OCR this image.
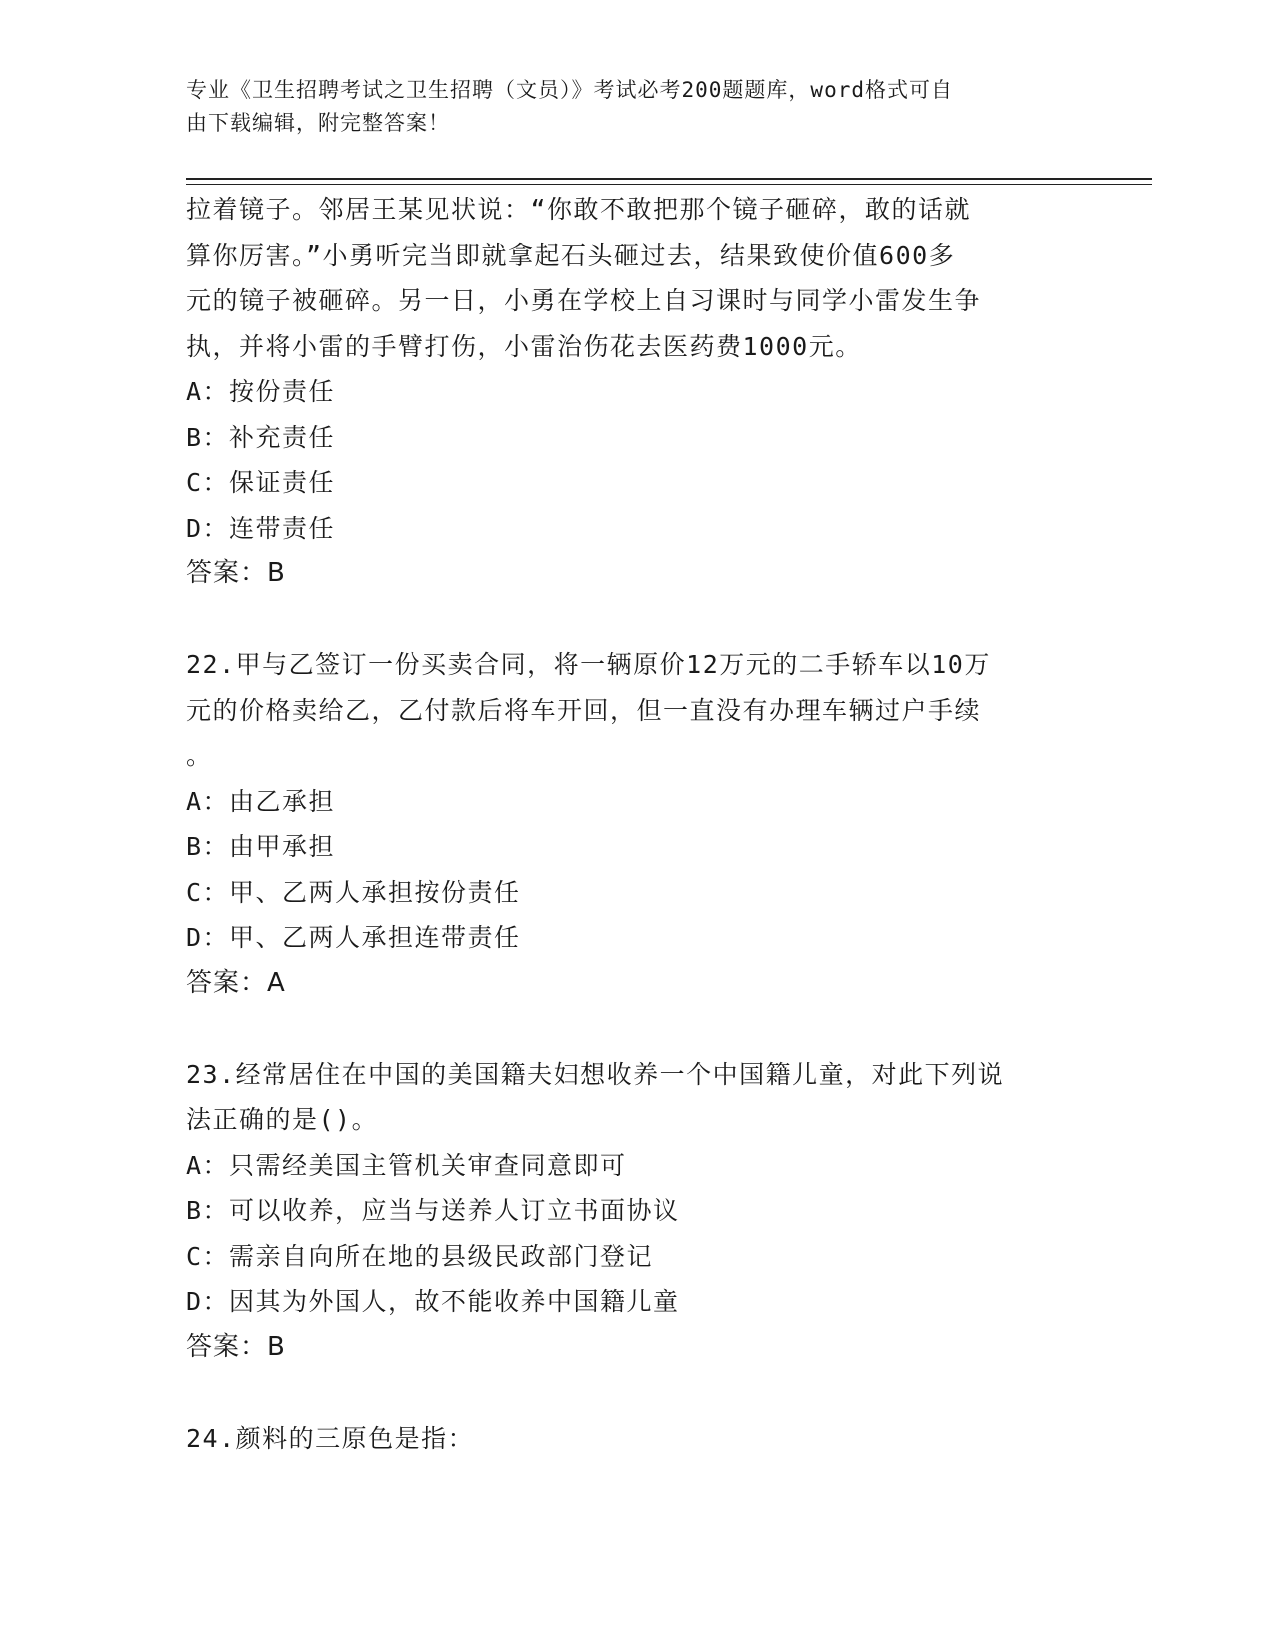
专业《卫生招聘考试之卫生招聘（文员）》考试必考200题题库，word格式可自
由下载编辑，附完整答案！
拉着镜子。邻居王某见状说：“你敢不敢把那个镜子砸碎，敢的话就
算你厉害。”小勇听完当即就拿起石头砸过去，结果致使价值600多
元的镜子被砸碎。另一日，小勇在学校上自习课时与同学小雷发生争
执，并将小雷的手臂打伤，小雷治伤花去医药费1000元。
A：按份责任
B：补充责任
C：保证责任
D：连带责任
答案：B
22.甲与乙签订一份买卖合同，将一辆原价12万元的二手轿车以10万
元的价格卖给乙，乙付款后将车开回，但一直没有办理车辆过户手续
。
A：由乙承担
B：由甲承担
C：甲、乙两人承担按份责任
D：甲、乙两人承担连带责任
答案：A
23.经常居住在中国的美国籍夫妇想收养一个中国籍儿童，对此下列说
法正确的是()。
A：只需经美国主管机关审查同意即可
B：可以收养，应当与送养人订立书面协议
C：需亲自向所在地的县级民政部门登记
D：因其为外国人，故不能收养中国籍儿童
答案：B
24.颜料的三原色是指：
